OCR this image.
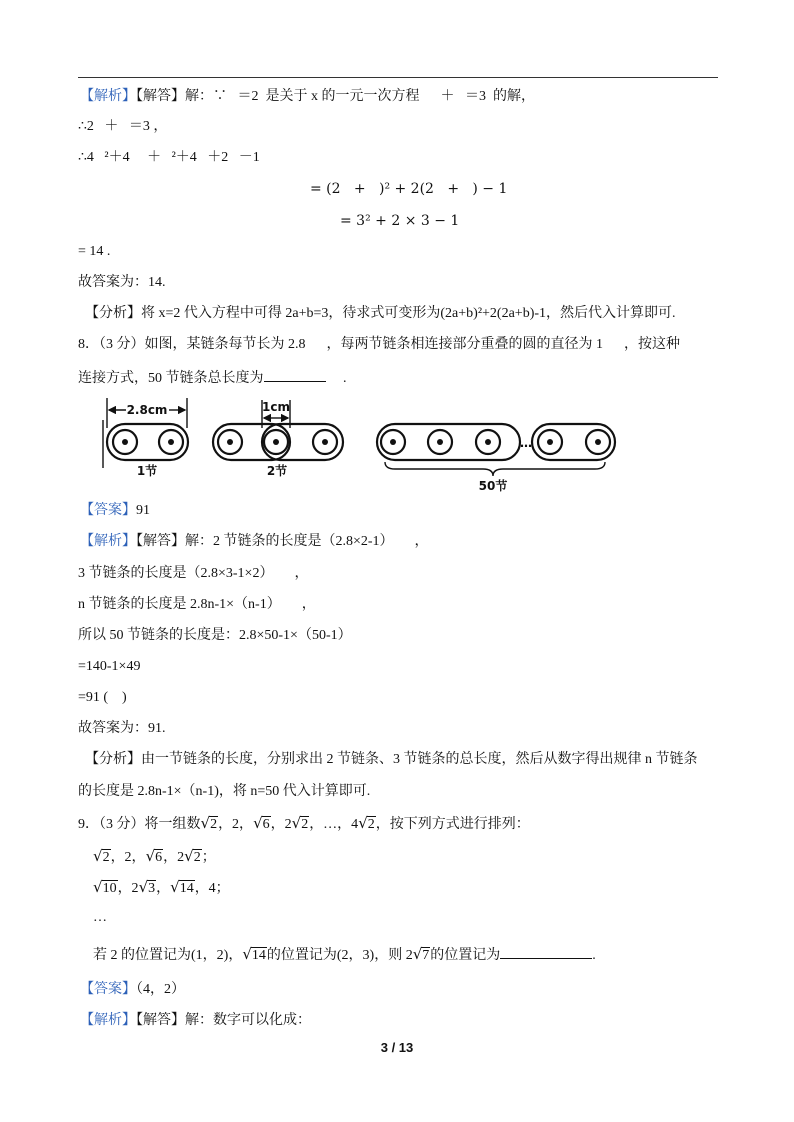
【解析】【解答】解：∵   ＝2  是关于 x 的一元一次方程      ＋   ＝3  的解，
∴2   ＋   ＝3 ，
∴4   ²＋4     ＋   ²＋4   ＋2   －1
= (2   +   )² + 2(2   +   ) − 1
= 3² + 2 × 3 − 1
= 14 .
故答案为：14.
【分析】将 x=2 代入方程中可得 2a+b=3，待求式可变形为(2a+b)²+2(2a+b)-1，然后代入计算即可.
8．（3 分）如图，某链条每节长为 2.8      ，每两节链条相连接部分重叠的圆的直径为 1      ，按这种
连接方式，50 节链条总长度为	.
2.8cm
1节
1cm
2节
…
50节
【答案】91
【解析】【解答】解：2 节链条的长度是（2.8×2-1）      ，
3 节链条的长度是（2.8×3-1×2）      ，
n 节链条的长度是 2.8n-1×（n-1）      ，
所以 50 节链条的长度是：2.8×50-1×（50-1）
=140-1×49
=91 (    )
故答案为：91.
【分析】由一节链条的长度，分别求出 2 节链条、3 节链条的总长度，然后从数字得出规律 n 节链条
的长度是 2.8n-1×（n-1)，将 n=50 代入计算即可.
9．（3 分）将一组数√2，2，√6，2√2，…，4√2，按下列方式进行排列：
√2，2，√6，2√2；
√10，2√3，√14，4；
…
若 2 的位置记为(1，2)，√14的位置记为(2，3)，则 2√7的位置记为	.
【答案】（4，2）
【解析】【解答】解：数字可以化成：
3 / 13
